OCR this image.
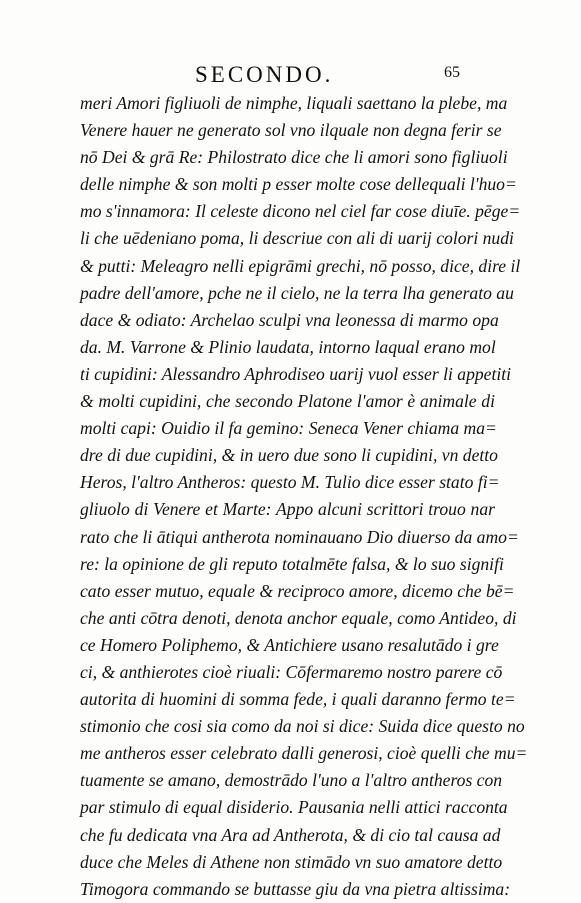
SECONDO.	65
meri Amori figliuoli de nimphe, liquali saettano la plebe, ma
Venere hauer ne generato sol vno ilquale non degna ferir se
nō Dei & grā Re: Philostrato dice che li amori sono figliuoli
delle nimphe & son molti p esser molte cose dellequali l'huo=
mo s'innamora: Il celeste dicono nel ciel far cose diuīe. pēge=
li che uēdeniano poma, li descriue con ali di uarij colori nudi
& putti: Meleagro nelli epigrāmi grechi, nō posso, dice, dire il
padre dell'amore, pche ne il cielo, ne la terra lha generato au
dace & odiato: Archelao sculpi vna leonessa di marmo opa
da. M. Varrone & Plinio laudata, intorno laqual erano mol
ti cupidini: Alessandro Aphrodiseo uarij vuol esser li appetiti
& molti cupidini, che secondo Platone l'amor è animale di
molti capi: Ouidio il fa gemino: Seneca Vener chiama ma=
dre di due cupidini, & in uero due sono li cupidini, vn detto
Heros, l'altro Antheros: questo M. Tulio dice esser stato fi=
gliuolo di Venere et Marte: Appo alcuni scrittori trouo nar
rato che li ātiqui antherota nominauano Dio diuerso da amo=
re: la opinione de gli reputo totalmēte falsa, & lo suo signifi
cato esser mutuo, equale & reciproco amore, dicemo che bē=
che anti cōtra denoti, denota anchor equale, como Antideo, di
ce Homero Poliphemo, & Antichiere usano resalutādo i gre
ci, & anthierotes cioè riuali: Cōfermaremo nostro parere cō
autorita di huomini di somma fede, i quali daranno fermo te=
stimonio che cosi sia como da noi si dice: Suida dice questo no
me antheros esser celebrato dalli generosi, cioè quelli che mu=
tuamente se amano, demostrādo l'uno a l'altro antheros con
par stimulo di equal disiderio. Pausania nelli attici racconta
che fu dedicata vna Ara ad Antherota, & di cio tal causa ad
duce che Meles di Athene non stimādo vn suo amatore detto
Timogora commando se buttasse giu da vna pietra altissima:
